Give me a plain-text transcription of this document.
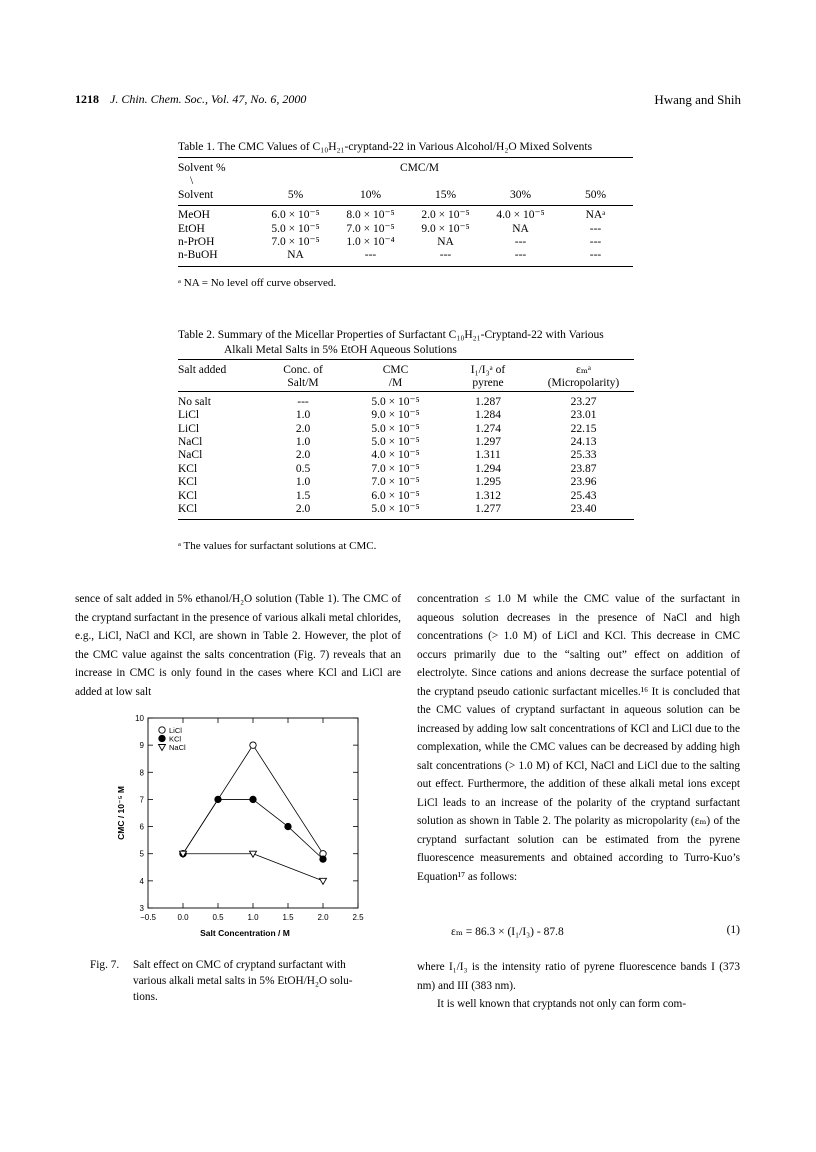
1218 J. Chin. Chem. Soc., Vol. 47, No. 6, 2000	Hwang and Shih
Table 1. The CMC Values of C₁₀H₂₁-cryptand-22 in Various Alcohol/H₂O Mixed Solvents
Solvent %	CMC/M				
\					
Solvent	5%	10%	15%	30%	50%
MeOH	6.0 × 10⁻⁵	8.0 × 10⁻⁵	2.0 × 10⁻⁵	4.0 × 10⁻⁵	NAᵃ
EtOH	5.0 × 10⁻⁵	7.0 × 10⁻⁵	9.0 × 10⁻⁵	NA	---
n-PrOH	7.0 × 10⁻⁵	1.0 × 10⁻⁴	NA	---	---
n-BuOH	NA	---	---	---	---
ᵃ NA = No level off curve observed.
Table 2. Summary of the Micellar Properties of Surfactant C₁₀H₂₁-Cryptand-22 with Various
Alkali Metal Salts in 5% EtOH Aqueous Solutions
Salt added	Conc. of	CMC	I₁/I₃ᵃ of	εₘᵃ
	Salt/M	/M	pyrene	(Micropolarity)
No salt	---	5.0 × 10⁻⁵	1.287	23.27
LiCl	1.0	9.0 × 10⁻⁵	1.284	23.01
LiCl	2.0	5.0 × 10⁻⁵	1.274	22.15
NaCl	1.0	5.0 × 10⁻⁵	1.297	24.13
NaCl	2.0	4.0 × 10⁻⁵	1.311	25.33
KCl	0.5	7.0 × 10⁻⁵	1.294	23.87
KCl	1.0	7.0 × 10⁻⁵	1.295	23.96
KCl	1.5	6.0 × 10⁻⁵	1.312	25.43
KCl	2.0	5.0 × 10⁻⁵	1.277	23.40
ᵃ The values for surfactant solutions at CMC.

sence of salt added in 5% ethanol/H₂O solution (Table 1). The CMC of the cryptand surfactant in the presence of various alkali metal chlorides, e.g., LiCl, NaCl and KCl, are shown in Table 2. However, the plot of the CMC value against the salts concentration (Fig. 7) reveals that an increase in CMC is only found in the cases where KCl and LiCl are added at low salt

concentration ≤ 1.0 M while the CMC value of the surfactant in aqueous solution decreases in the presence of NaCl and high concentrations (> 1.0 M) of LiCl and KCl. This decrease in CMC occurs primarily due to the “salting out” effect on addition of electrolyte. Since cations and anions decrease the surface potential of the cryptand pseudo cationic surfactant micelles.¹⁶ It is concluded that the CMC values of cryptand surfactant in aqueous solution can be increased by adding low salt concentrations of KCl and LiCl due to the complexation, while the CMC values can be decreased by adding high salt concentrations (> 1.0 M) of KCl, NaCl and LiCl due to the salting out effect. Furthermore, the addition of these alkali metal ions except LiCl leads to an increase of the polarity of the cryptand surfactant solution as shown in Table 2. The polarity as micropolarity (εₘ) of the cryptand surfactant solution can be estimated from the pyrene fluorescence measurements and obtained according to Turro-Kuo’s Equation¹⁷ as follows:

εₘ = 86.3 × (I₁/I₃) - 87.8	(1)

where I₁/I₃ is the intensity ratio of pyrene fluorescence bands I (373 nm) and III (383 nm).

It is well known that cryptands not only can form com-

−0.5	0.0	0.5	1.0	1.5	2.0	2.5
3
4
5
6
7
8
9
10
Salt Concentration / M
CMC / 10⁻⁵ M
LiCl
KCl
NaCl
Fig. 7. Salt effect on CMC of cryptand surfactant with
various alkali metal salts in 5% EtOH/H₂O solu-
tions.
